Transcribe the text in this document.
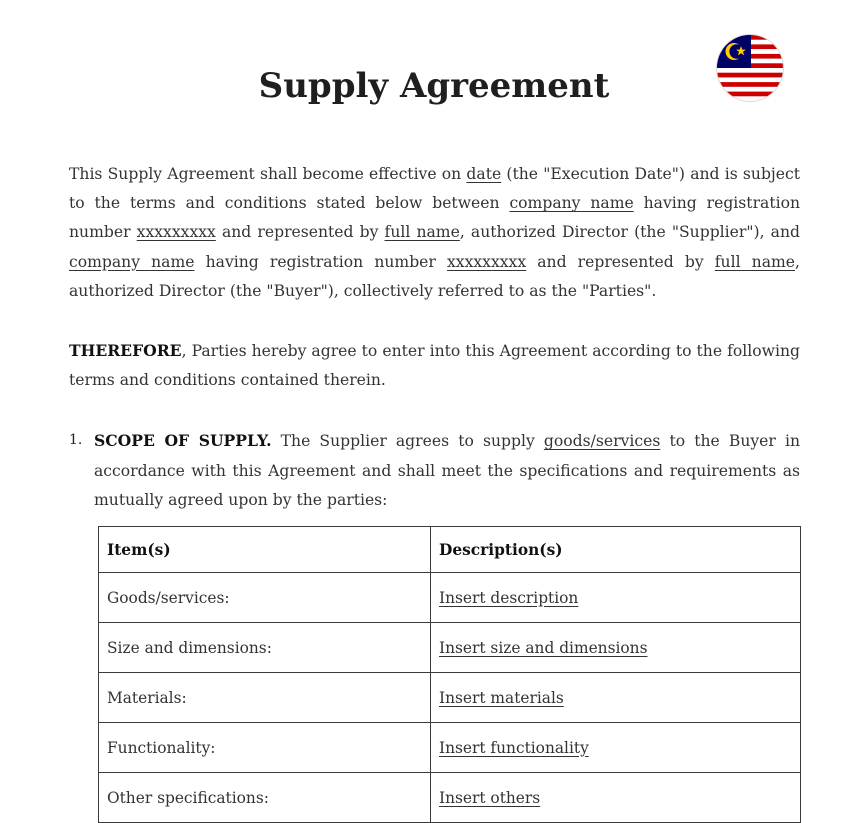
Supply Agreement

This Supply Agreement shall become effective on date (the "Execution Date") and is subject to the terms and conditions stated below between company name having registration number xxxxxxxxx and represented by full name, authorized Director (the "Supplier"), and company name having registration number xxxxxxxxx and represented by full name, authorized Director (the "Buyer"), collectively referred to as the "Parties".

THEREFORE, Parties hereby agree to enter into this Agreement according to the following terms and conditions contained therein.

1. SCOPE OF SUPPLY. The Supplier agrees to supply goods/services to the Buyer in accordance with this Agreement and shall meet the specifications and requirements as mutually agreed upon by the parties:
Item(s)	Description(s)
Goods/services:	Insert description
Size and dimensions:	Insert size and dimensions
Materials:	Insert materials
Functionality:	Insert functionality
Other specifications:	Insert others
